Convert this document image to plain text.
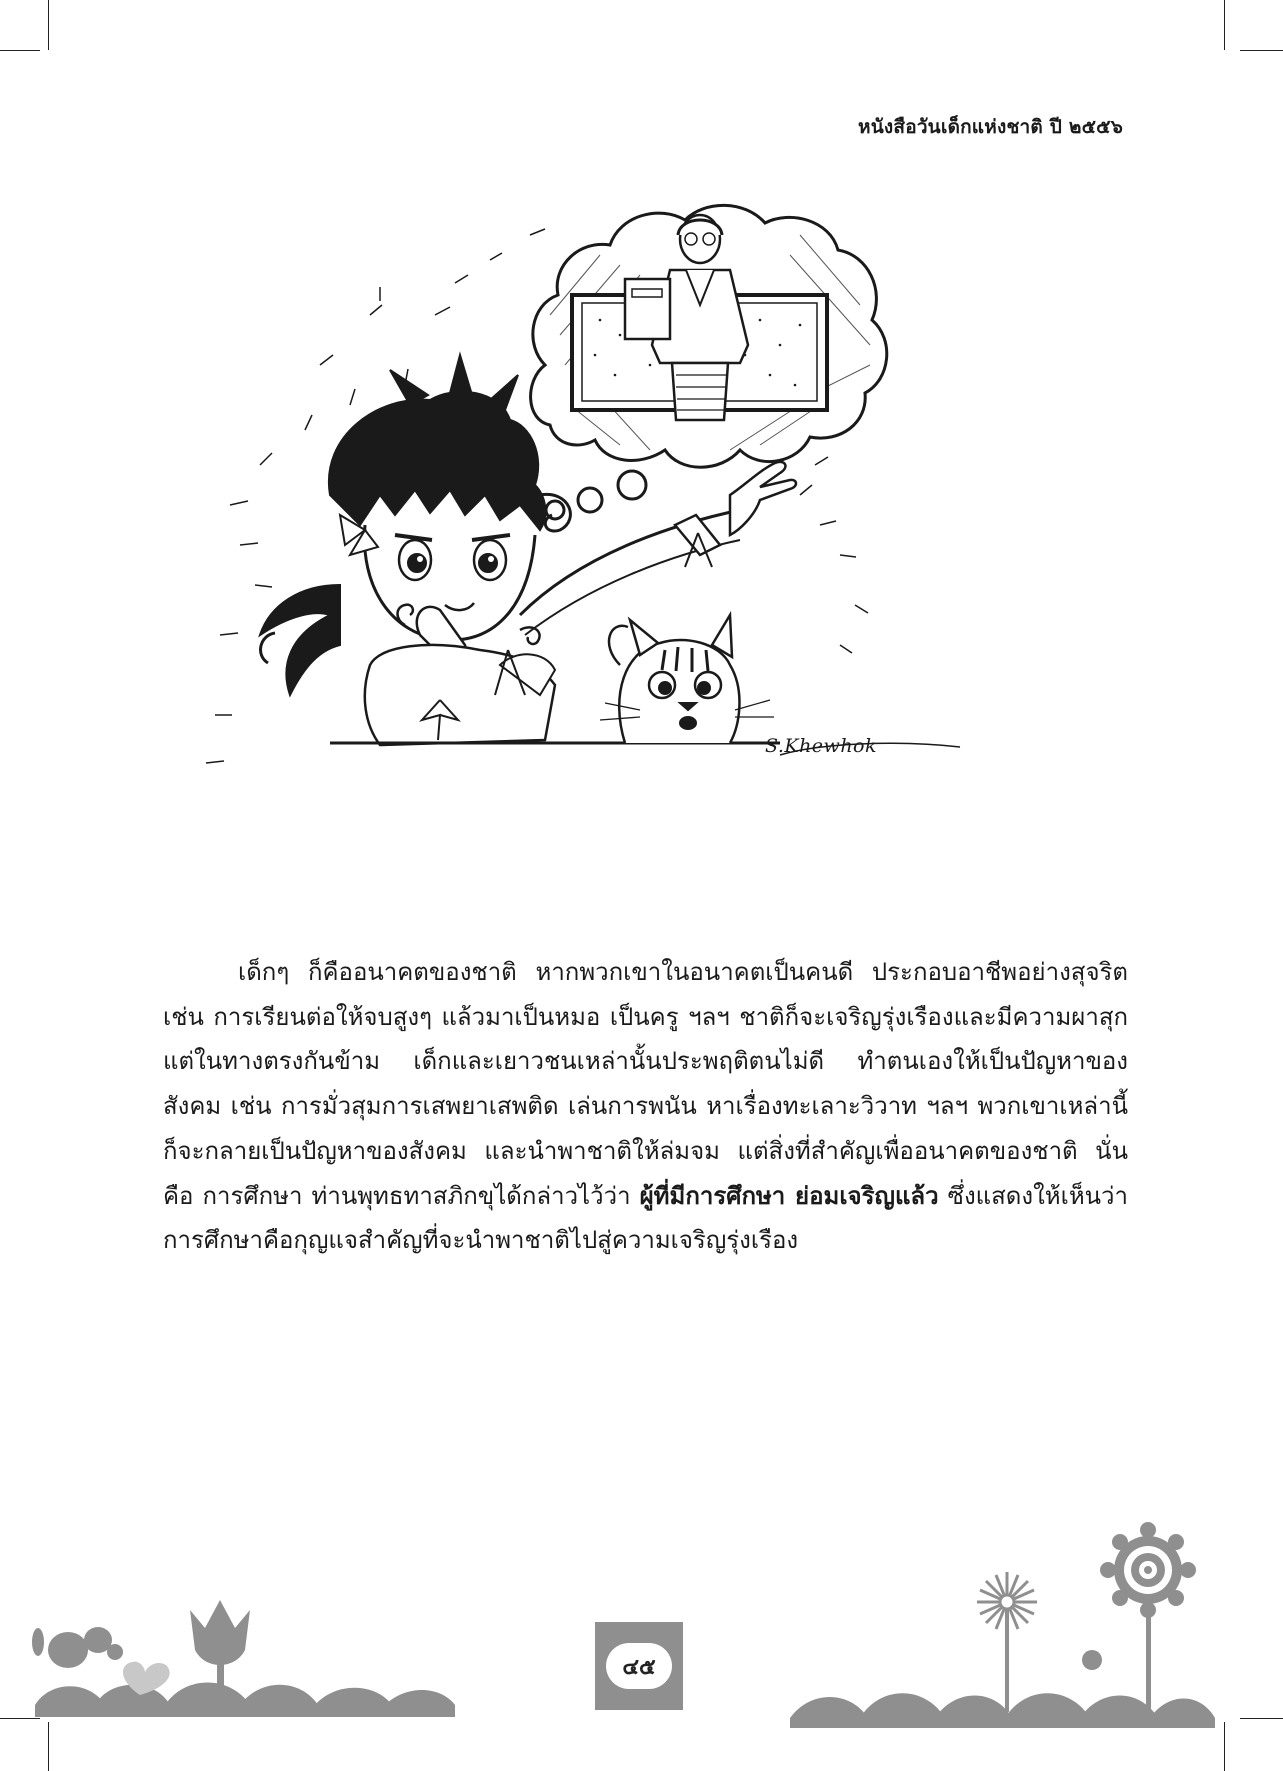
หนังสือวันเด็กแห่งชาติ ปี ๒๕๕๖
S.Khewhok

เด็กๆ ก็คืออนาคตของชาติ หากพวกเขาในอนาคตเป็นคนดี ประกอบอาชีพอย่างสุจริต เช่น การเรียนต่อให้จบสูงๆ แล้วมาเป็นหมอ เป็นครู ฯลฯ ชาติก็จะเจริญรุ่งเรืองและมีความผาสุก แต่ในทางตรงกันข้าม เด็กและเยาวชนเหล่านั้นประพฤติตนไม่ดี ทำตนเองให้เป็นปัญหาของสังคม เช่น การมั่วสุมการเสพยาเสพติด เล่นการพนัน หาเรื่องทะเลาะวิวาท ฯลฯ พวกเขาเหล่านี้ก็จะกลายเป็นปัญหาของสังคม และนำพาชาติให้ล่มจม แต่สิ่งที่สำคัญเพื่ออนาคตของชาติ นั่นคือ การศึกษา ท่านพุทธทาสภิกขุได้กล่าวไว้ว่า ผู้ที่มีการศึกษา ย่อมเจริญแล้ว ซึ่งแสดงให้เห็นว่า การศึกษาคือกุญแจสำคัญที่จะนำพาชาติไปสู่ความเจริญรุ่งเรือง

๔๕
